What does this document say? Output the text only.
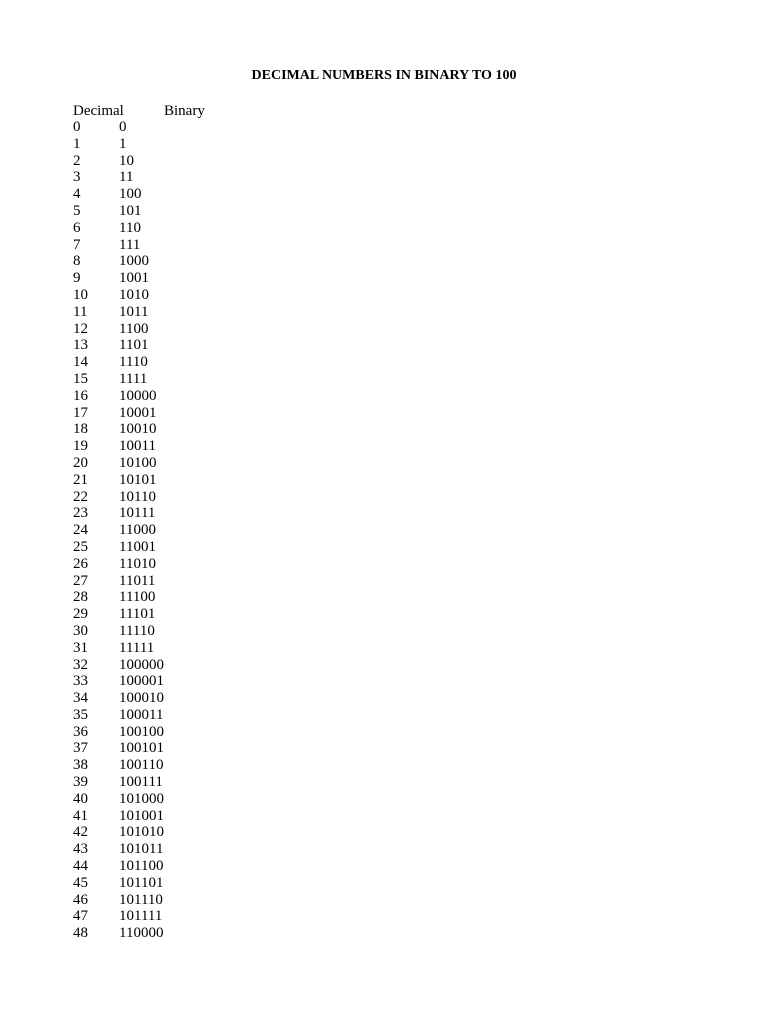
DECIMAL NUMBERS IN BINARY TO 100
Decimal	Binary
0	0
1	1
2	10
3	11
4	100
5	101
6	110
7	111
8	1000
9	1001
10 1010
11 1011
12 1100
13 1101
14 1110
15 1111
16 10000
17 10001
18 10010
19 10011
20 10100
21 10101
22 10110
23 10111
24 11000
25 11001
26 11010
27 11011
28 11100
29 11101
30 11110
31 11111
32 100000
33 100001
34 100010
35 100011
36 100100
37 100101
38 100110
39 100111
40 101000
41 101001
42 101010
43 101011
44 101100
45 101101
46 101110
47 101111
48 110000
